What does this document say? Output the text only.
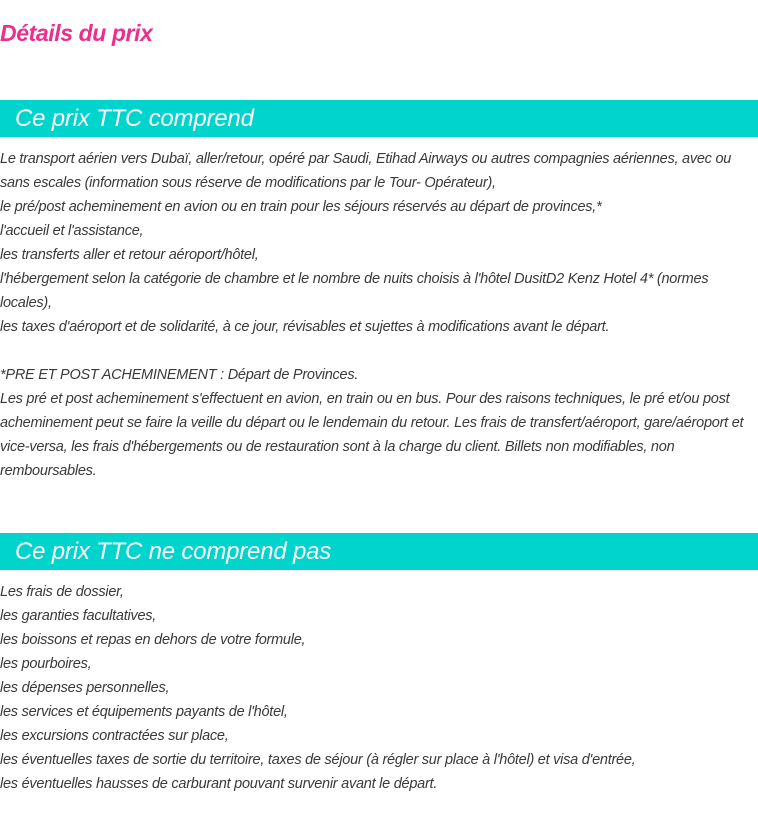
Détails du prix
Ce prix TTC comprend

Le transport aérien vers Dubaï, aller/retour, opéré par Saudi, Etihad Airways ou autres compagnies aériennes, avec ou sans escales (information sous réserve de modifications par le Tour- Opérateur),

le pré/post acheminement en avion ou en train pour les séjours réservés au départ de provinces,*

l'accueil et l'assistance,

les transferts aller et retour aéroport/hôtel,

l'hébergement selon la catégorie de chambre et le nombre de nuits choisis à l'hôtel DusitD2 Kenz Hotel 4* (normes locales),

les taxes d'aéroport et de solidarité, à ce jour, révisables et sujettes à modifications avant le départ.

*PRE ET POST ACHEMINEMENT : Départ de Provinces.

Les pré et post acheminement s'effectuent en avion, en train ou en bus. Pour des raisons techniques, le pré et/ou post acheminement peut se faire la veille du départ ou le lendemain du retour. Les frais de transfert/aéroport, gare/aéroport et vice-versa, les frais d'hébergements ou de restauration sont à la charge du client. Billets non modifiables, non remboursables.

Ce prix TTC ne comprend pas

Les frais de dossier,

les garanties facultatives,

les boissons et repas en dehors de votre formule,

les pourboires,

les dépenses personnelles,

les services et équipements payants de l'hôtel,

les excursions contractées sur place,

les éventuelles taxes de sortie du territoire, taxes de séjour (à régler sur place à l'hôtel) et visa d'entrée,

les éventuelles hausses de carburant pouvant survenir avant le départ.
